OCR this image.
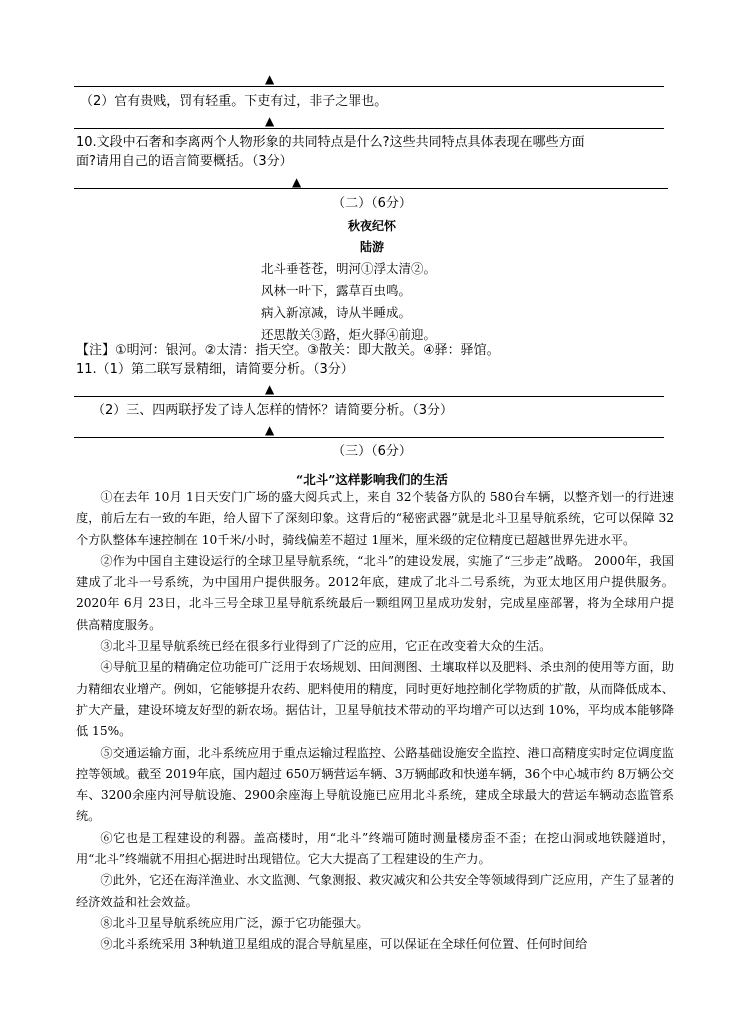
▲
（2）官有贵贱，罚有轻重。下吏有过，非子之罪也。
▲
10.文段中石奢和李离两个人物形象的共同特点是什么?这些共同特点具体表现在哪些方面
面?请用自己的语言简要概括。（3分）
▲
（二）（6分）
秋夜纪怀
陆游
北斗垂苍苍，明河①浮太清②。
风林一叶下，露草百虫鸣。
病入新凉减，诗从半睡成。
还思散关③路，炬火驿④前迎。
【注】①明河：银河。②太清：指天空。③散关：即大散关。④驿：驿馆。
11.（1）第二联写景精细，请简要分析。（3分）
▲
（2）三、四两联抒发了诗人怎样的情怀？请简要分析。（3分）
▲
（三）（6分）
“北斗”这样影响我们的生活

①在去年 10月 1日天安门广场的盛大阅兵式上，来自 32个装备方队的 580台车辆，以整齐划一的行进速度，前后左右一致的车距，给人留下了深刻印象。这背后的“秘密武器”就是北斗卫星导航系统，它可以保障 32个方队整体车速控制在 10千米/小时，骑线偏差不超过 1厘米，厘米级的定位精度已超越世界先进水平。

②作为中国自主建设运行的全球卫星导航系统，“北斗”的建设发展，实施了“三步走”战略。 2000年，我国建成了北斗一号系统，为中国用户提供服务。2012年底，建成了北斗二号系统，为亚太地区用户提供服务。2020年 6月 23日，北斗三号全球卫星导航系统最后一颗组网卫星成功发射，完成星座部署，将为全球用户提供高精度服务。

③北斗卫星导航系统已经在很多行业得到了广泛的应用，它正在改变着大众的生活。

④导航卫星的精确定位功能可广泛用于农场规划、田间测图、土壤取样以及肥料、杀虫剂的使用等方面，助力精细农业增产。例如，它能够提升农药、肥料使用的精度，同时更好地控制化学物质的扩散，从而降低成本、扩大产量，建设环境友好型的新农场。据估计，卫星导航技术带动的平均增产可以达到 10%，平均成本能够降低 15%。

⑤交通运输方面，北斗系统应用于重点运输过程监控、公路基础设施安全监控、港口高精度实时定位调度监控等领域。截至 2019年底，国内超过 650万辆营运车辆、3万辆邮政和快递车辆，36个中心城市约 8万辆公交车、3200余座内河导航设施、2900余座海上导航设施已应用北斗系统，建成全球最大的营运车辆动态监管系统。

⑥它也是工程建设的利器。盖高楼时，用“北斗”终端可随时测量楼房歪不歪；在挖山洞或地铁隧道时，用“北斗”终端就不用担心据进时出现错位。它大大提高了工程建设的生产力。

⑦此外，它还在海洋渔业、水文监测、气象测报、救灾减灾和公共安全等领域得到广泛应用，产生了显著的经济效益和社会效益。

⑧北斗卫星导航系统应用广泛，源于它功能强大。

⑨北斗系统采用 3种轨道卫星组成的混合导航星座，可以保证在全球任何位置、任何时间给
